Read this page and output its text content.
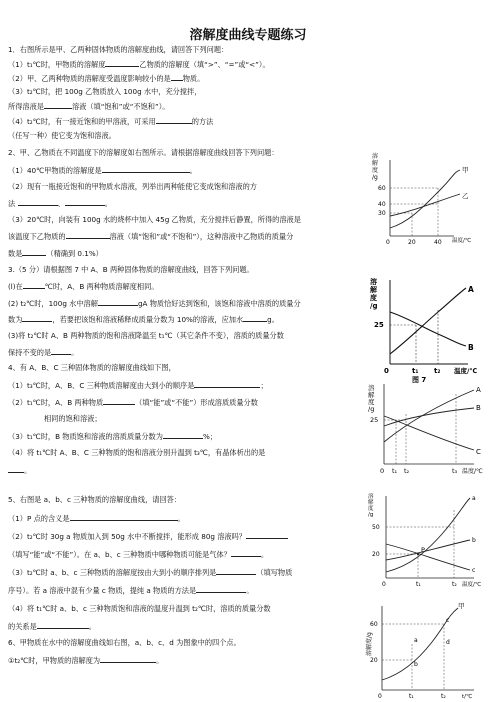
溶解度曲线专题练习
1．右图所示是甲、乙两种固体物质的溶解度曲线，请回答下列问题：
（1）t₁℃时，甲物质的溶解度	乙物质的溶解度（填“>”、“=”或“<”）。
（2）甲、乙两种物质的溶解度受温度影响较小的是 物质。
（3）t₂℃时，把 100g 乙物质放入 100g 水中，充分搅拌，
所得溶液是	溶液（填“饱和”或“不饱和”）。
（4）t₂℃时，有一接近饱和的甲溶液，可采用	的方法
（任写一种）使它变为饱和溶液。
2、甲、乙物质在不同温度下的溶解度如右图所示。请根据溶解度曲线回答下列问题：
（1）40℃甲物质的溶解度是	。
（2）现有一瓶接近饱和的甲物质水溶液，列举出两种能使它变成饱和溶液的方
法	、	。
（3）20℃时，向装有 100g 水的烧杯中加入 45g 乙物质，充分搅拌后静置，所得的溶液是
该温度下乙物质的	溶液（填“饱和”或“不饱和”），这种溶液中乙物质的质量分
数是	（精确到 0.1%）
3.（5 分）请根据图 7 中 A、B 两种固体物质的溶解度曲线，回答下列问题。
(l)在	℃时，A、B 两种物质溶解度相同。
(2) t₂℃时，100g 水中溶解	gA 物质恰好达到饱和，该饱和溶液中溶质的质量分
数为	，若要把该饱和溶液稀释成质量分数为 10%的溶液，应加水	g。
(3)将 t₂℃时 A、B 两种物质的饱和溶液降温至 t₁℃（其它条件不变），溶质的质量分数
保持不变的是	。
4、有 A、B、C 三种固体物质的溶解度曲线如下图，
（1）t₃℃时，A、B、C 三种物质溶解度由大到小的顺序是	；
（2）t₁℃时，A、B 两种物质	（填“能”或“不能”）形成溶质质量分数
相同的饱和溶液；
（3）t₁℃时，B 物质饱和溶液的溶质质量分数为	%；
（4）将 t₁℃时 A、B、C 三种物质的饱和溶液分别升温到 t₃℃，有晶体析出的是
。
5、右图是 a、b、c 三种物质的溶解度曲线，请回答：
（1）P 点的含义是	。
（2）t₂℃时 30g a 物质加入到 50g 水中不断搅拌，能形成 80g 溶液吗？
（填写“能”或“不能”）。在 a、b、c 三种物质中哪种物质可能是气体？	。
（3）t₂℃时 a、b、c 三种物质的溶解度按由大到小的顺序排列是	（填写物质
序号）。若 a 溶液中混有少量 c 物质，提纯 a 物质的方法是	。
（4）将 t₁℃时 a、b、c 三种物质饱和溶液的温度升温到 t₂℃时，溶质的质量分数
的关系是	。
6、甲物质在水中的溶解度曲线如右图，a、b、c、d 为图象中的四个点。
①t₂℃时，甲物质的溶解度为	。
溶
解
度
/g
60
40
30
0	20	40 温度/℃
甲
乙
溶
解
度
/g
25
A
B
0	t₁ t₂ 温度/℃
图 7
溶
解
度
/g
25
A
B
C
0 t₁ t₂	t₃ 温度/℃
溶
解
度
/g
50
20
P
a
b
c
0	t₁	t₂ 温度/℃
溶解度/g
60
20
甲
a
b
c
d
0	t₁	t₂	t/℃
